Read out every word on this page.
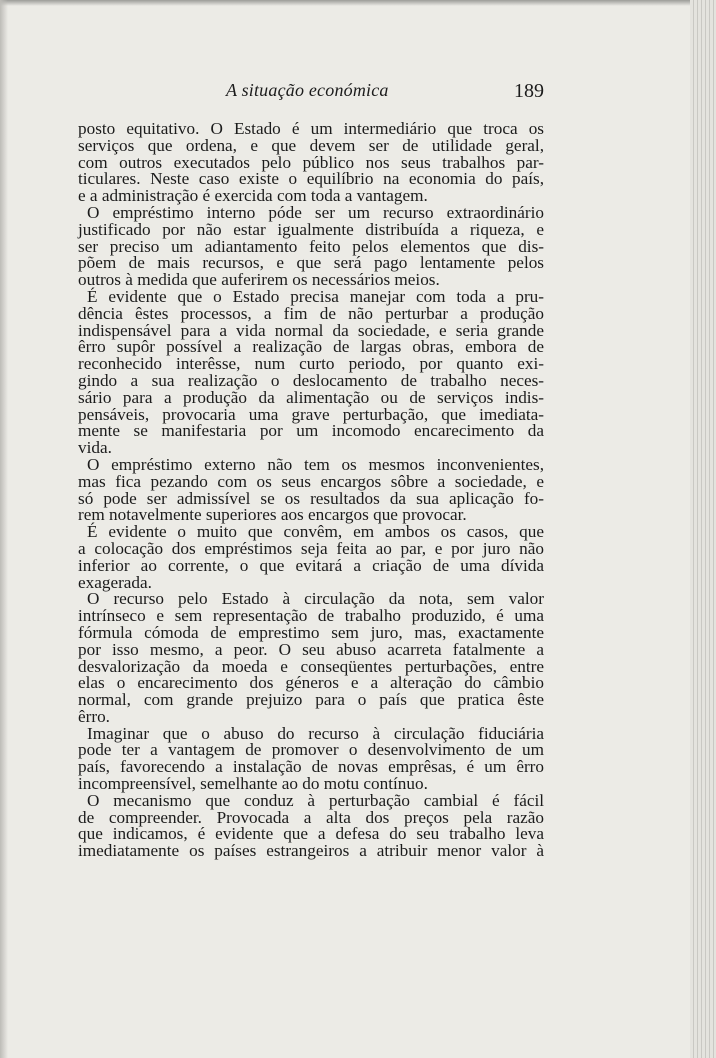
A situação económica	189
posto equitativo. O Estado é um intermediário que troca os
serviços que ordena, e que devem ser de utilidade geral,
com outros executados pelo público nos seus trabalhos par-
ticulares. Neste caso existe o equilíbrio na economia do país,
e a administração é exercida com toda a vantagem.
O empréstimo interno póde ser um recurso extraordinário
justificado por não estar igualmente distribuída a riqueza, e
ser preciso um adiantamento feito pelos elementos que dis-
põem de mais recursos, e que será pago lentamente pelos
outros à medida que auferirem os necessários meios.
É evidente que o Estado precisa manejar com toda a pru-
dência êstes processos, a fim de não perturbar a produção
indispensável para a vida normal da sociedade, e seria grande
êrro supôr possível a realização de largas obras, embora de
reconhecido interêsse, num curto periodo, por quanto exi-
gindo a sua realização o deslocamento de trabalho neces-
sário para a produção da alimentação ou de serviços indis-
pensáveis, provocaria uma grave perturbação, que imediata-
mente se manifestaria por um incomodo encarecimento da
vida.
O empréstimo externo não tem os mesmos inconvenientes,
mas fica pezando com os seus encargos sôbre a sociedade, e
só pode ser admissível se os resultados da sua aplicação fo-
rem notavelmente superiores aos encargos que provocar.
É evidente o muito que convêm, em ambos os casos, que
a colocação dos empréstimos seja feita ao par, e por juro não
inferior ao corrente, o que evitará a criação de uma dívida
exagerada.
O recurso pelo Estado à circulação da nota, sem valor
intrínseco e sem representação de trabalho produzido, é uma
fórmula cómoda de emprestimo sem juro, mas, exactamente
por isso mesmo, a peor. O seu abuso acarreta fatalmente a
desvalorização da moeda e conseqüentes perturbações, entre
elas o encarecimento dos géneros e a alteração do câmbio
normal, com grande prejuizo para o país que pratica êste
êrro.
Imaginar que o abuso do recurso à circulação fiduciária
pode ter a vantagem de promover o desenvolvimento de um
país, favorecendo a instalação de novas emprêsas, é um êrro
incompreensível, semelhante ao do motu contínuo.
O mecanismo que conduz à perturbação cambial é fácil
de compreender. Provocada a alta dos preços pela razão
que indicamos, é evidente que a defesa do seu trabalho leva
imediatamente os países estrangeiros a atribuir menor valor à
